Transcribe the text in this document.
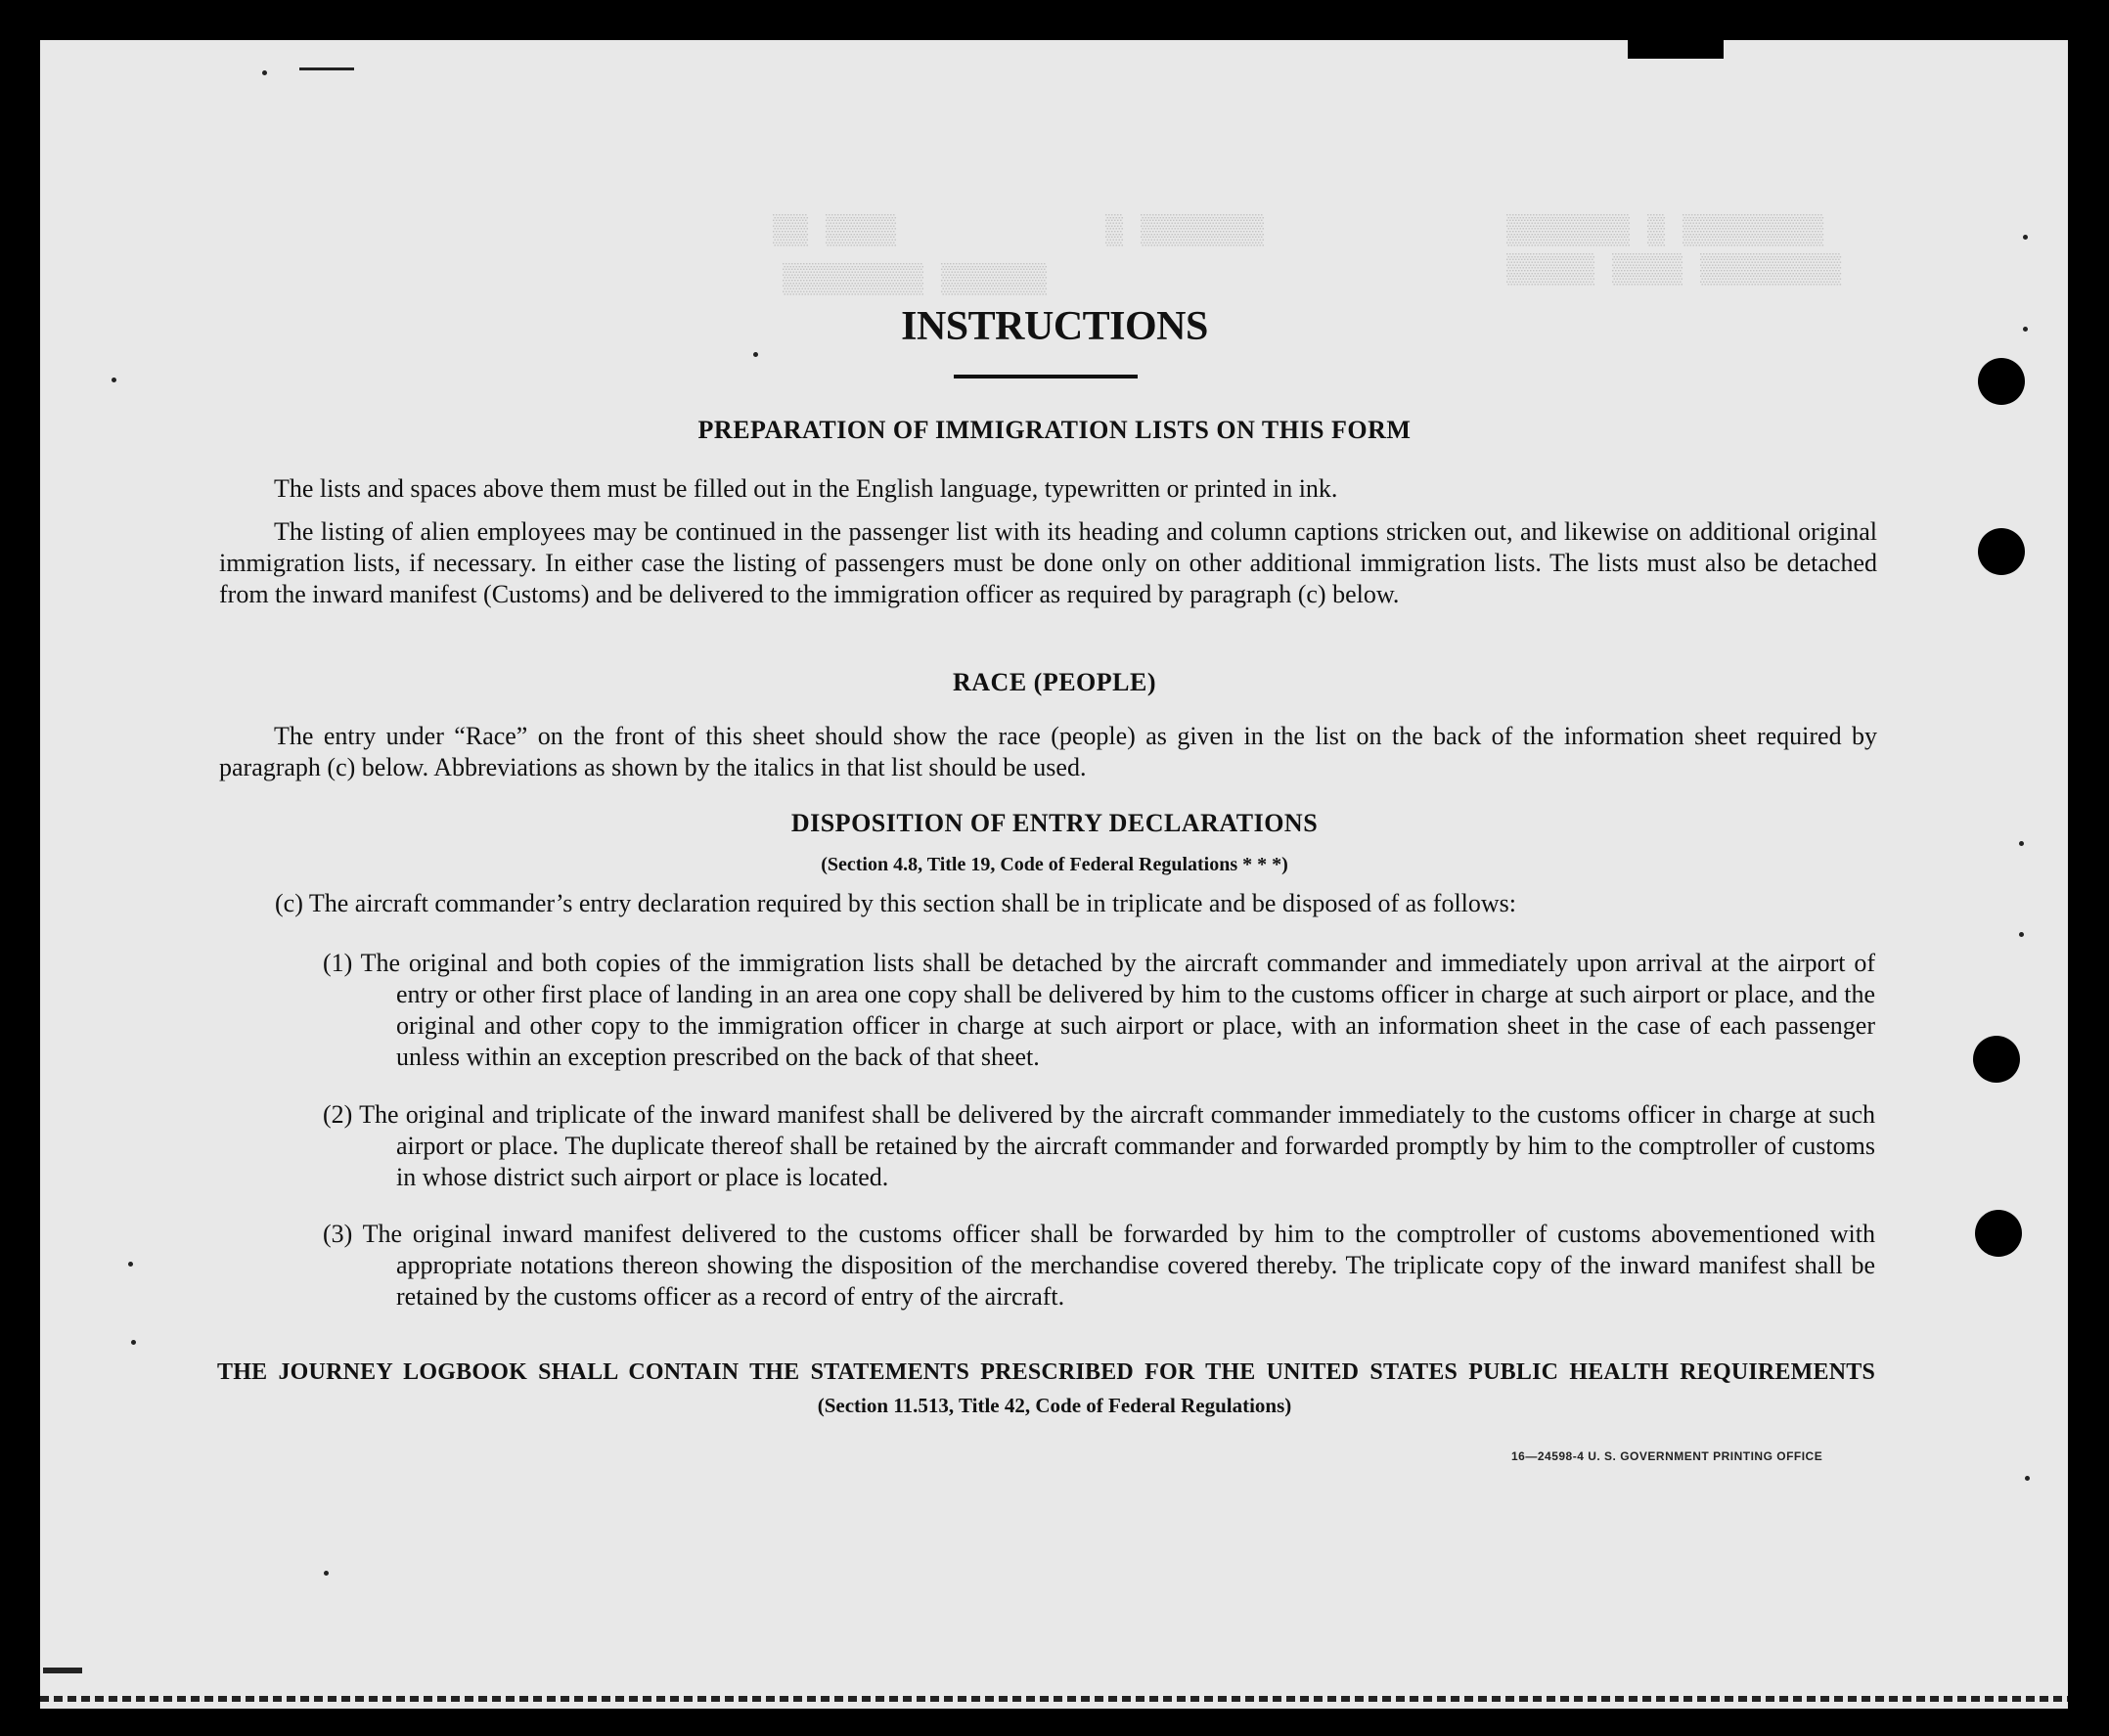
▒▒▒▒▒▒▒▒ ▒ ▒▒▒▒▒▒▒
▒▒▒▒▒▒▒▒ ▒▒▒▒ ▒▒▒▒▒
▒▒▒▒▒▒▒ ▒
▒▒▒▒ ▒▒
▒▒▒▒▒▒ ▒▒▒▒▒▒▒▒
INSTRUCTIONS
PREPARATION OF IMMIGRATION LISTS ON THIS FORM
The lists and spaces above them must be filled out in the English language, typewritten or printed in ink.
The listing of alien employees may be continued in the passenger list with its heading and column captions stricken out, and likewise on additional original immigration lists, if necessary. In either case the listing of passengers must be done only on other additional immigration lists. The lists must also be detached from the inward manifest (Customs) and be delivered to the immigration officer as required by paragraph (c) below.
RACE (PEOPLE)
The entry under “Race” on the front of this sheet should show the race (people) as given in the list on the back of the information sheet required by paragraph (c) below. Abbreviations as shown by the italics in that list should be used.
DISPOSITION OF ENTRY DECLARATIONS
(Section 4.8, Title 19, Code of Federal Regulations * * *)
(c) The aircraft commander’s entry declaration required by this section shall be in triplicate and be disposed of as follows:
(1) The original and both copies of the immigration lists shall be detached by the aircraft commander and immediately upon arrival at the airport of entry or other first place of landing in an area one copy shall be delivered by him to the customs officer in charge at such airport or place, and the original and other copy to the immigration officer in charge at such airport or place, with an information sheet in the case of each passenger unless within an exception prescribed on the back of that sheet.
(2) The original and triplicate of the inward manifest shall be delivered by the aircraft commander immediately to the customs officer in charge at such airport or place. The duplicate thereof shall be retained by the aircraft commander and forwarded promptly by him to the comptroller of customs in whose district such airport or place is located.
(3) The original inward manifest delivered to the customs officer shall be forwarded by him to the comptroller of customs abovementioned with appropriate notations thereon showing the disposition of the merchandise covered thereby. The triplicate copy of the inward manifest shall be retained by the customs officer as a record of entry of the aircraft.
THE JOURNEY LOGBOOK SHALL CONTAIN THE STATEMENTS PRESCRIBED FOR THE UNITED STATES PUBLIC HEALTH REQUIREMENTS
(Section 11.513, Title 42, Code of Federal Regulations)
16—24598-4 U. S. GOVERNMENT PRINTING OFFICE
